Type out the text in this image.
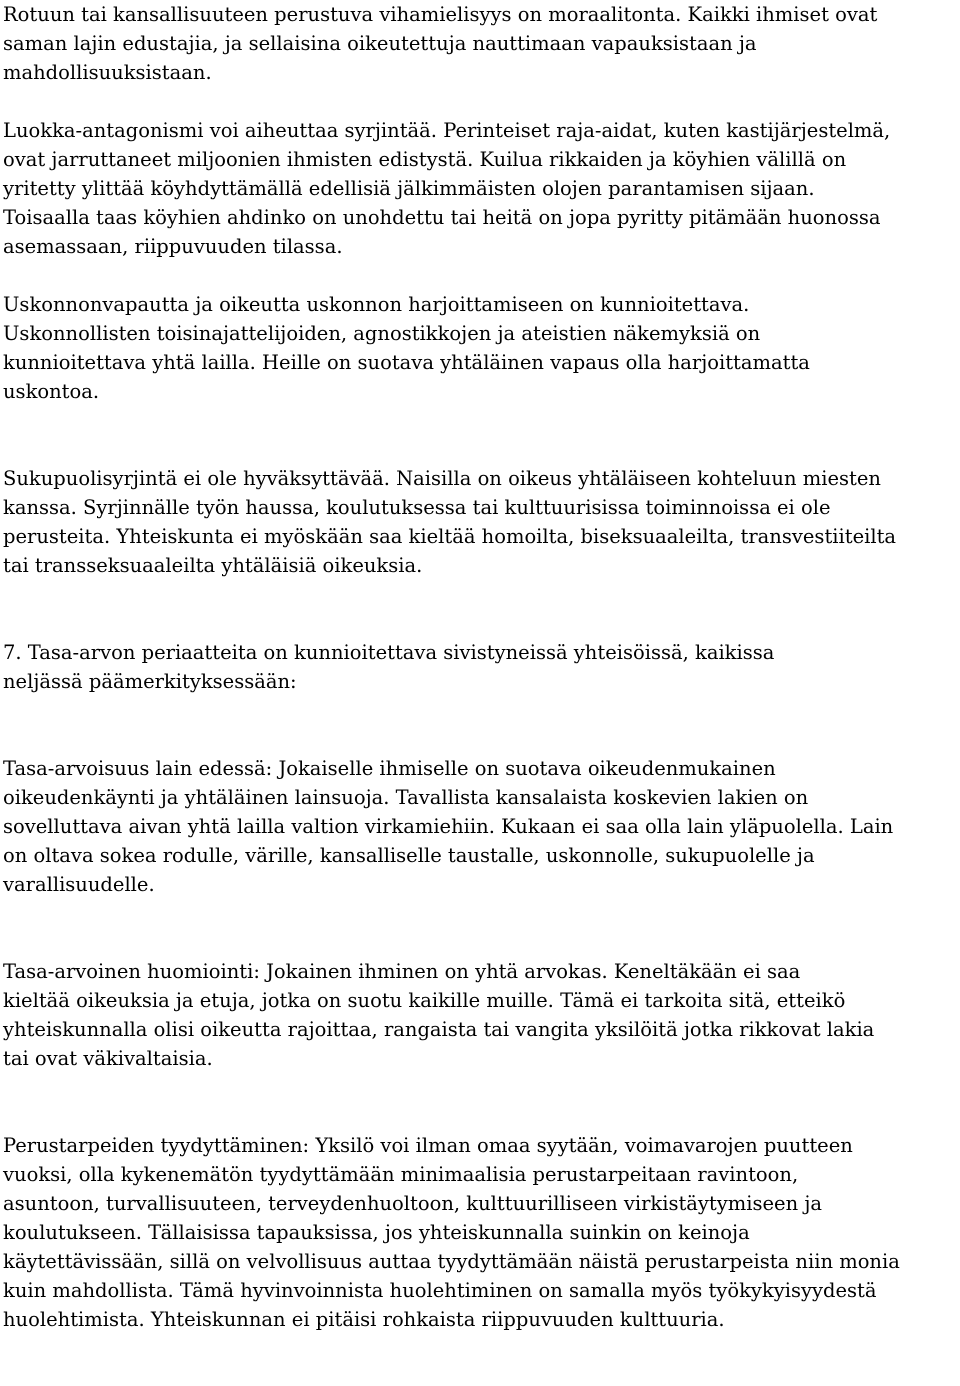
Rotuun tai kansallisuuteen perustuva vihamielisyys on moraalitonta. Kaikki ihmiset ovat
saman lajin edustajia, ja sellaisina oikeutettuja nauttimaan vapauksistaan ja
mahdollisuuksistaan.

Luokka-antagonismi voi aiheuttaa syrjintää. Perinteiset raja-aidat, kuten kastijärjestelmä,
ovat jarruttaneet miljoonien ihmisten edistystä. Kuilua rikkaiden ja köyhien välillä on
yritetty ylittää köyhdyttämällä edellisiä jälkimmäisten olojen parantamisen sijaan.
Toisaalla taas köyhien ahdinko on unohdettu tai heitä on jopa pyritty pitämään huonossa
asemassaan, riippuvuuden tilassa.

Uskonnonvapautta ja oikeutta uskonnon harjoittamiseen on kunnioitettava.
Uskonnollisten toisinajattelijoiden, agnostikkojen ja ateistien näkemyksiä on
kunnioitettava yhtä lailla. Heille on suotava yhtäläinen vapaus olla harjoittamatta
uskontoa.

Sukupuolisyrjintä ei ole hyväksyttävää. Naisilla on oikeus yhtäläiseen kohteluun miesten
kanssa. Syrjinnälle työn haussa, koulutuksessa tai kulttuurisissa toiminnoissa ei ole
perusteita. Yhteiskunta ei myöskään saa kieltää homoilta, biseksuaaleilta, transvestiiteilta
tai transseksuaaleilta yhtäläisiä oikeuksia.

7. Tasa-arvon periaatteita on kunnioitettava sivistyneissä yhteisöissä, kaikissa
neljässä päämerkityksessään:

Tasa-arvoisuus lain edessä: Jokaiselle ihmiselle on suotava oikeudenmukainen
oikeudenkäynti ja yhtäläinen lainsuoja. Tavallista kansalaista koskevien lakien on
sovelluttava aivan yhtä lailla valtion virkamiehiin. Kukaan ei saa olla lain yläpuolella. Lain
on oltava sokea rodulle, värille, kansalliselle taustalle, uskonnolle, sukupuolelle ja
varallisuudelle.

Tasa-arvoinen huomiointi: Jokainen ihminen on yhtä arvokas. Keneltäkään ei saa
kieltää oikeuksia ja etuja, jotka on suotu kaikille muille. Tämä ei tarkoita sitä, etteikö
yhteiskunnalla olisi oikeutta rajoittaa, rangaista tai vangita yksilöitä jotka rikkovat lakia
tai ovat väkivaltaisia.

Perustarpeiden tyydyttäminen: Yksilö voi ilman omaa syytään, voimavarojen puutteen
vuoksi, olla kykenemätön tyydyttämään minimaalisia perustarpeitaan ravintoon,
asuntoon, turvallisuuteen, terveydenhuoltoon, kulttuurilliseen virkistäytymiseen ja
koulutukseen. Tällaisissa tapauksissa, jos yhteiskunnalla suinkin on keinoja
käytettävissään, sillä on velvollisuus auttaa tyydyttämään näistä perustarpeista niin monia
kuin mahdollista. Tämä hyvinvoinnista huolehtiminen on samalla myös työkykyisyydestä
huolehtimista. Yhteiskunnan ei pitäisi rohkaista riippuvuuden kulttuuria.
